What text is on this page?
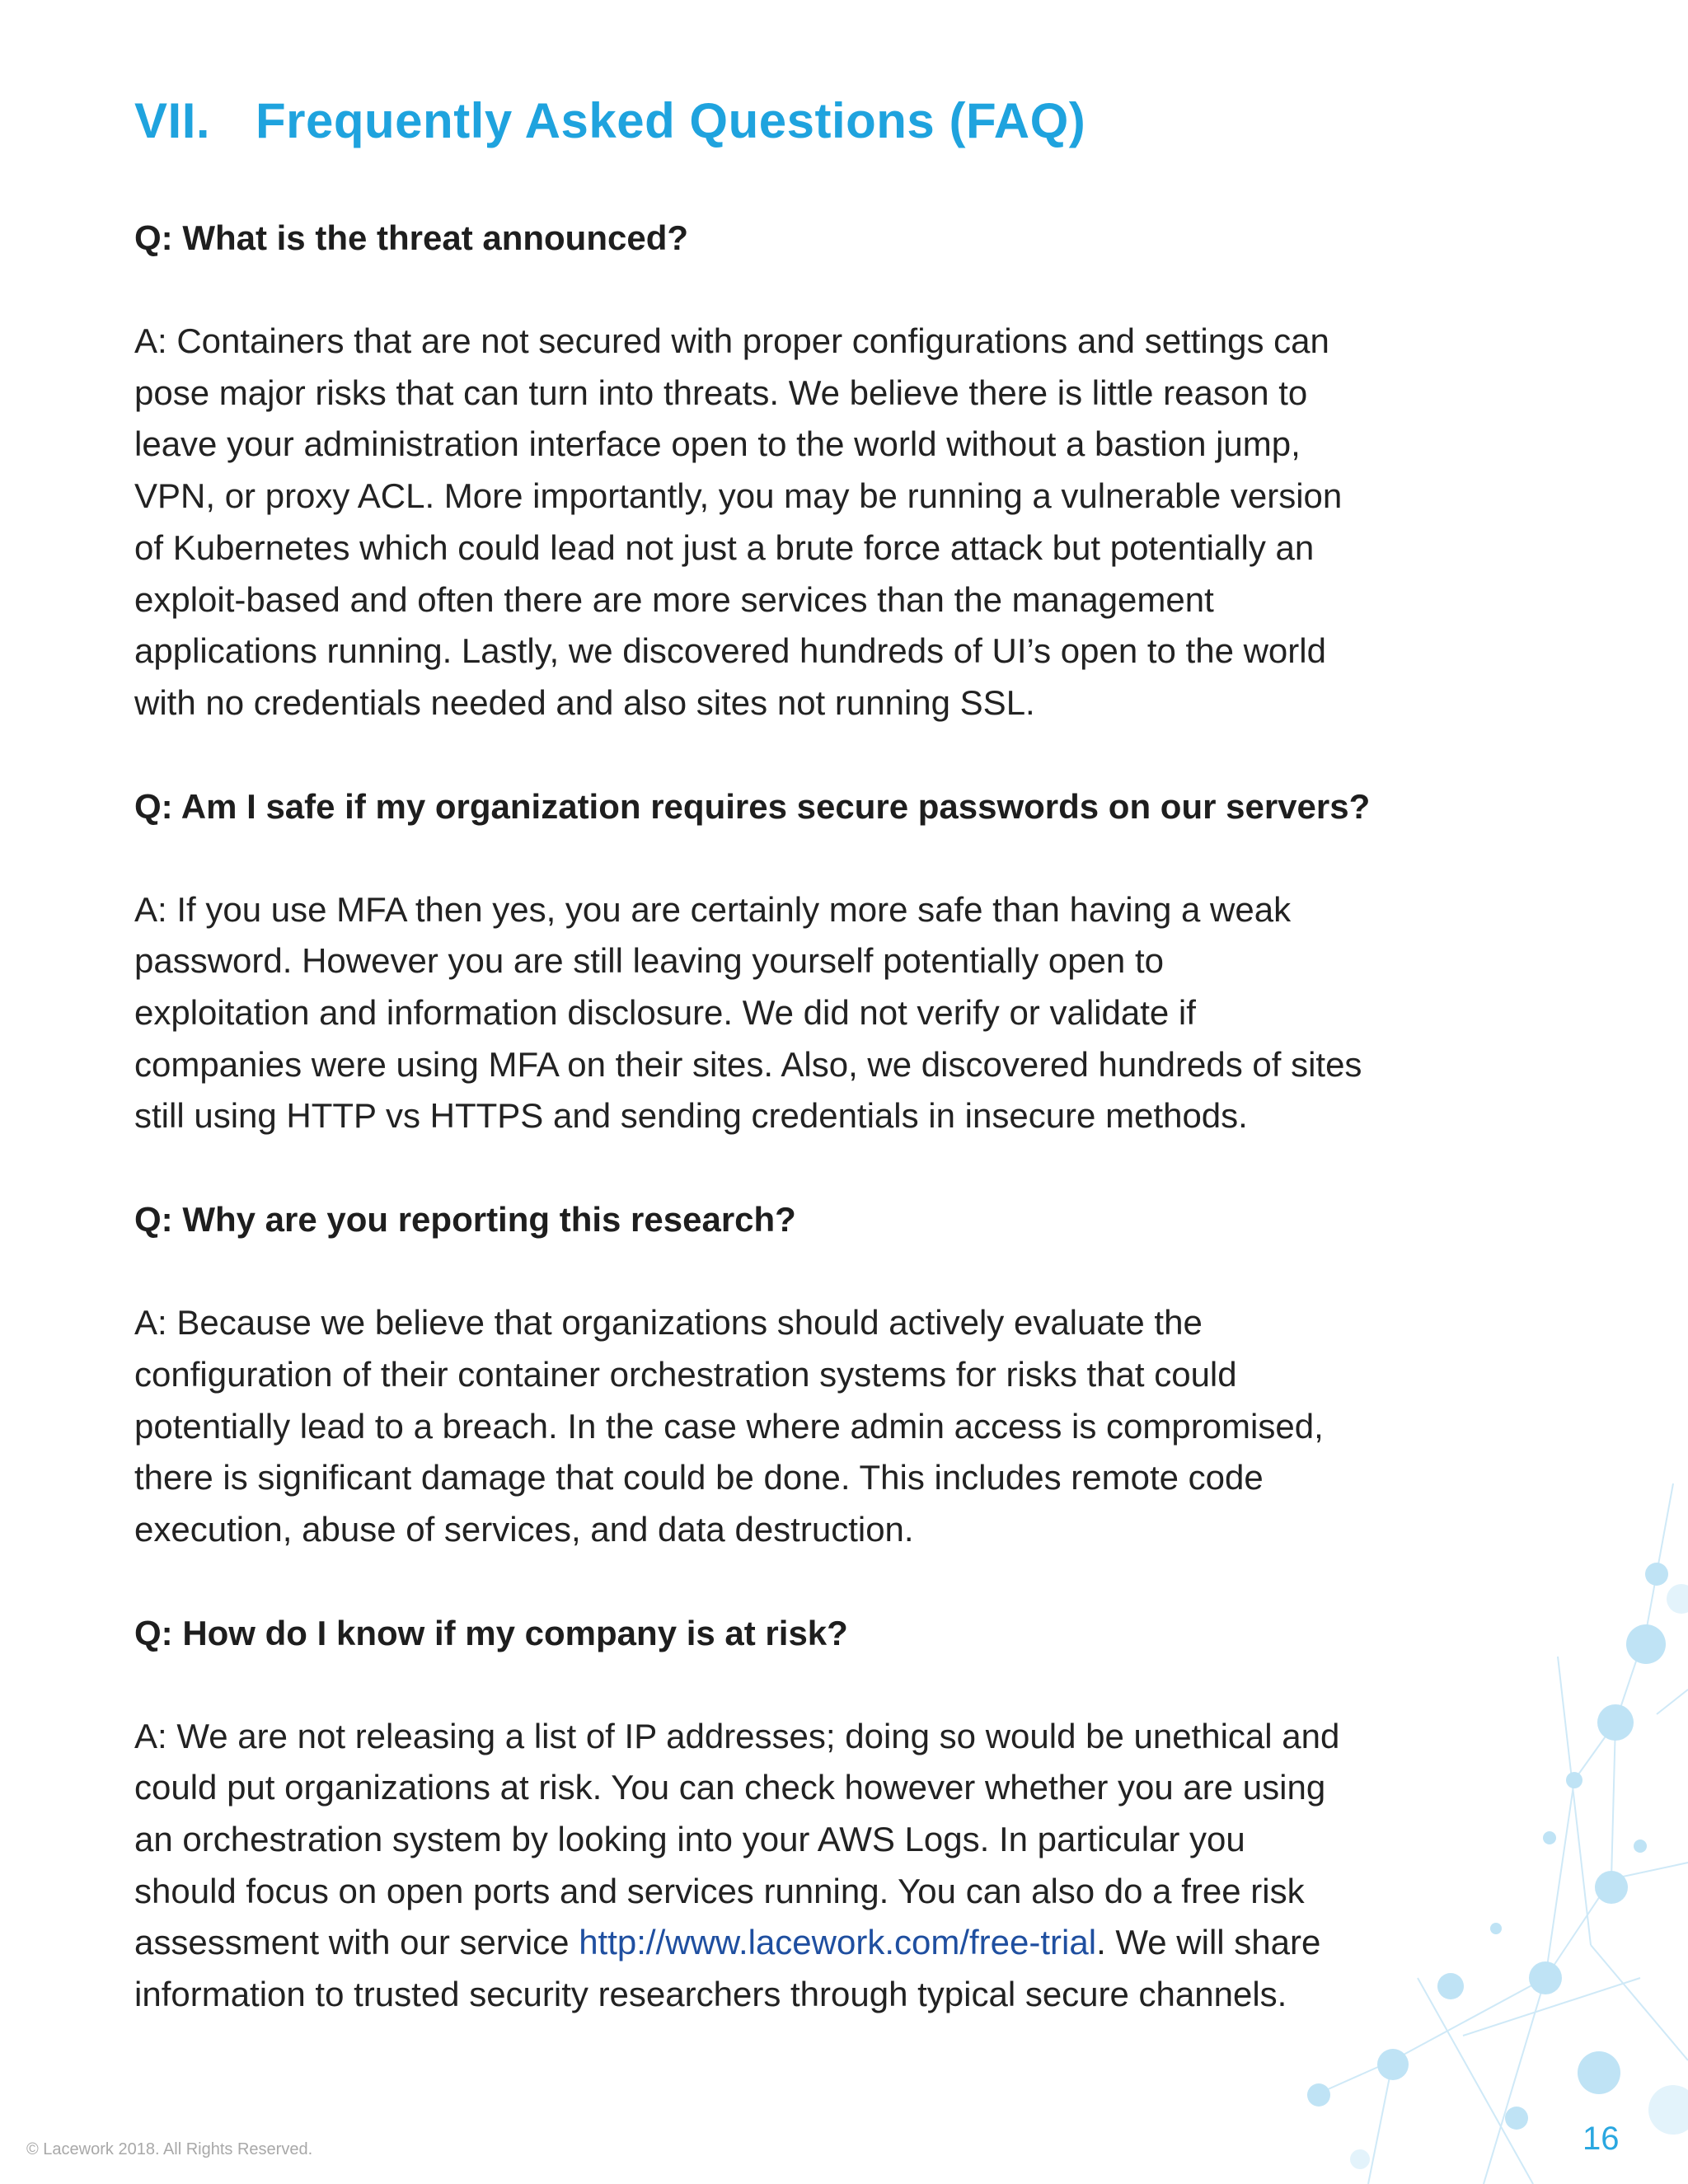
VII. Frequently Asked Questions (FAQ)

Q: What is the threat announced?

A: Containers that are not secured with proper configurations and settings can
pose major risks that can turn into threats. We believe there is little reason to
leave your administration interface open to the world without a bastion jump,
VPN, or proxy ACL. More importantly, you may be running a vulnerable version
of Kubernetes which could lead not just a brute force attack but potentially an
exploit-based and often there are more services than the management
applications running. Lastly, we discovered hundreds of UI’s open to the world
with no credentials needed and also sites not running SSL.

Q: Am I safe if my organization requires secure passwords on our servers?

A: If you use MFA then yes, you are certainly more safe than having a weak
password. However you are still leaving yourself potentially open to
exploitation and information disclosure. We did not verify or validate if
companies were using MFA on their sites. Also, we discovered hundreds of sites
still using HTTP vs HTTPS and sending credentials in insecure methods.

Q: Why are you reporting this research?

A: Because we believe that organizations should actively evaluate the
configuration of their container orchestration systems for risks that could
potentially lead to a breach. In the case where admin access is compromised,
there is significant damage that could be done. This includes remote code
execution, abuse of services, and data destruction.

Q: How do I know if my company is at risk?

A: We are not releasing a list of IP addresses; doing so would be unethical and
could put organizations at risk. You can check however whether you are using
an orchestration system by looking into your AWS Logs. In particular you
should focus on open ports and services running. You can also do a free risk
assessment with our service http://www.lacework.com/free-trial. We will share
information to trusted security researchers through typical secure channels.

© Lacework 2018. All Rights Reserved.	16
